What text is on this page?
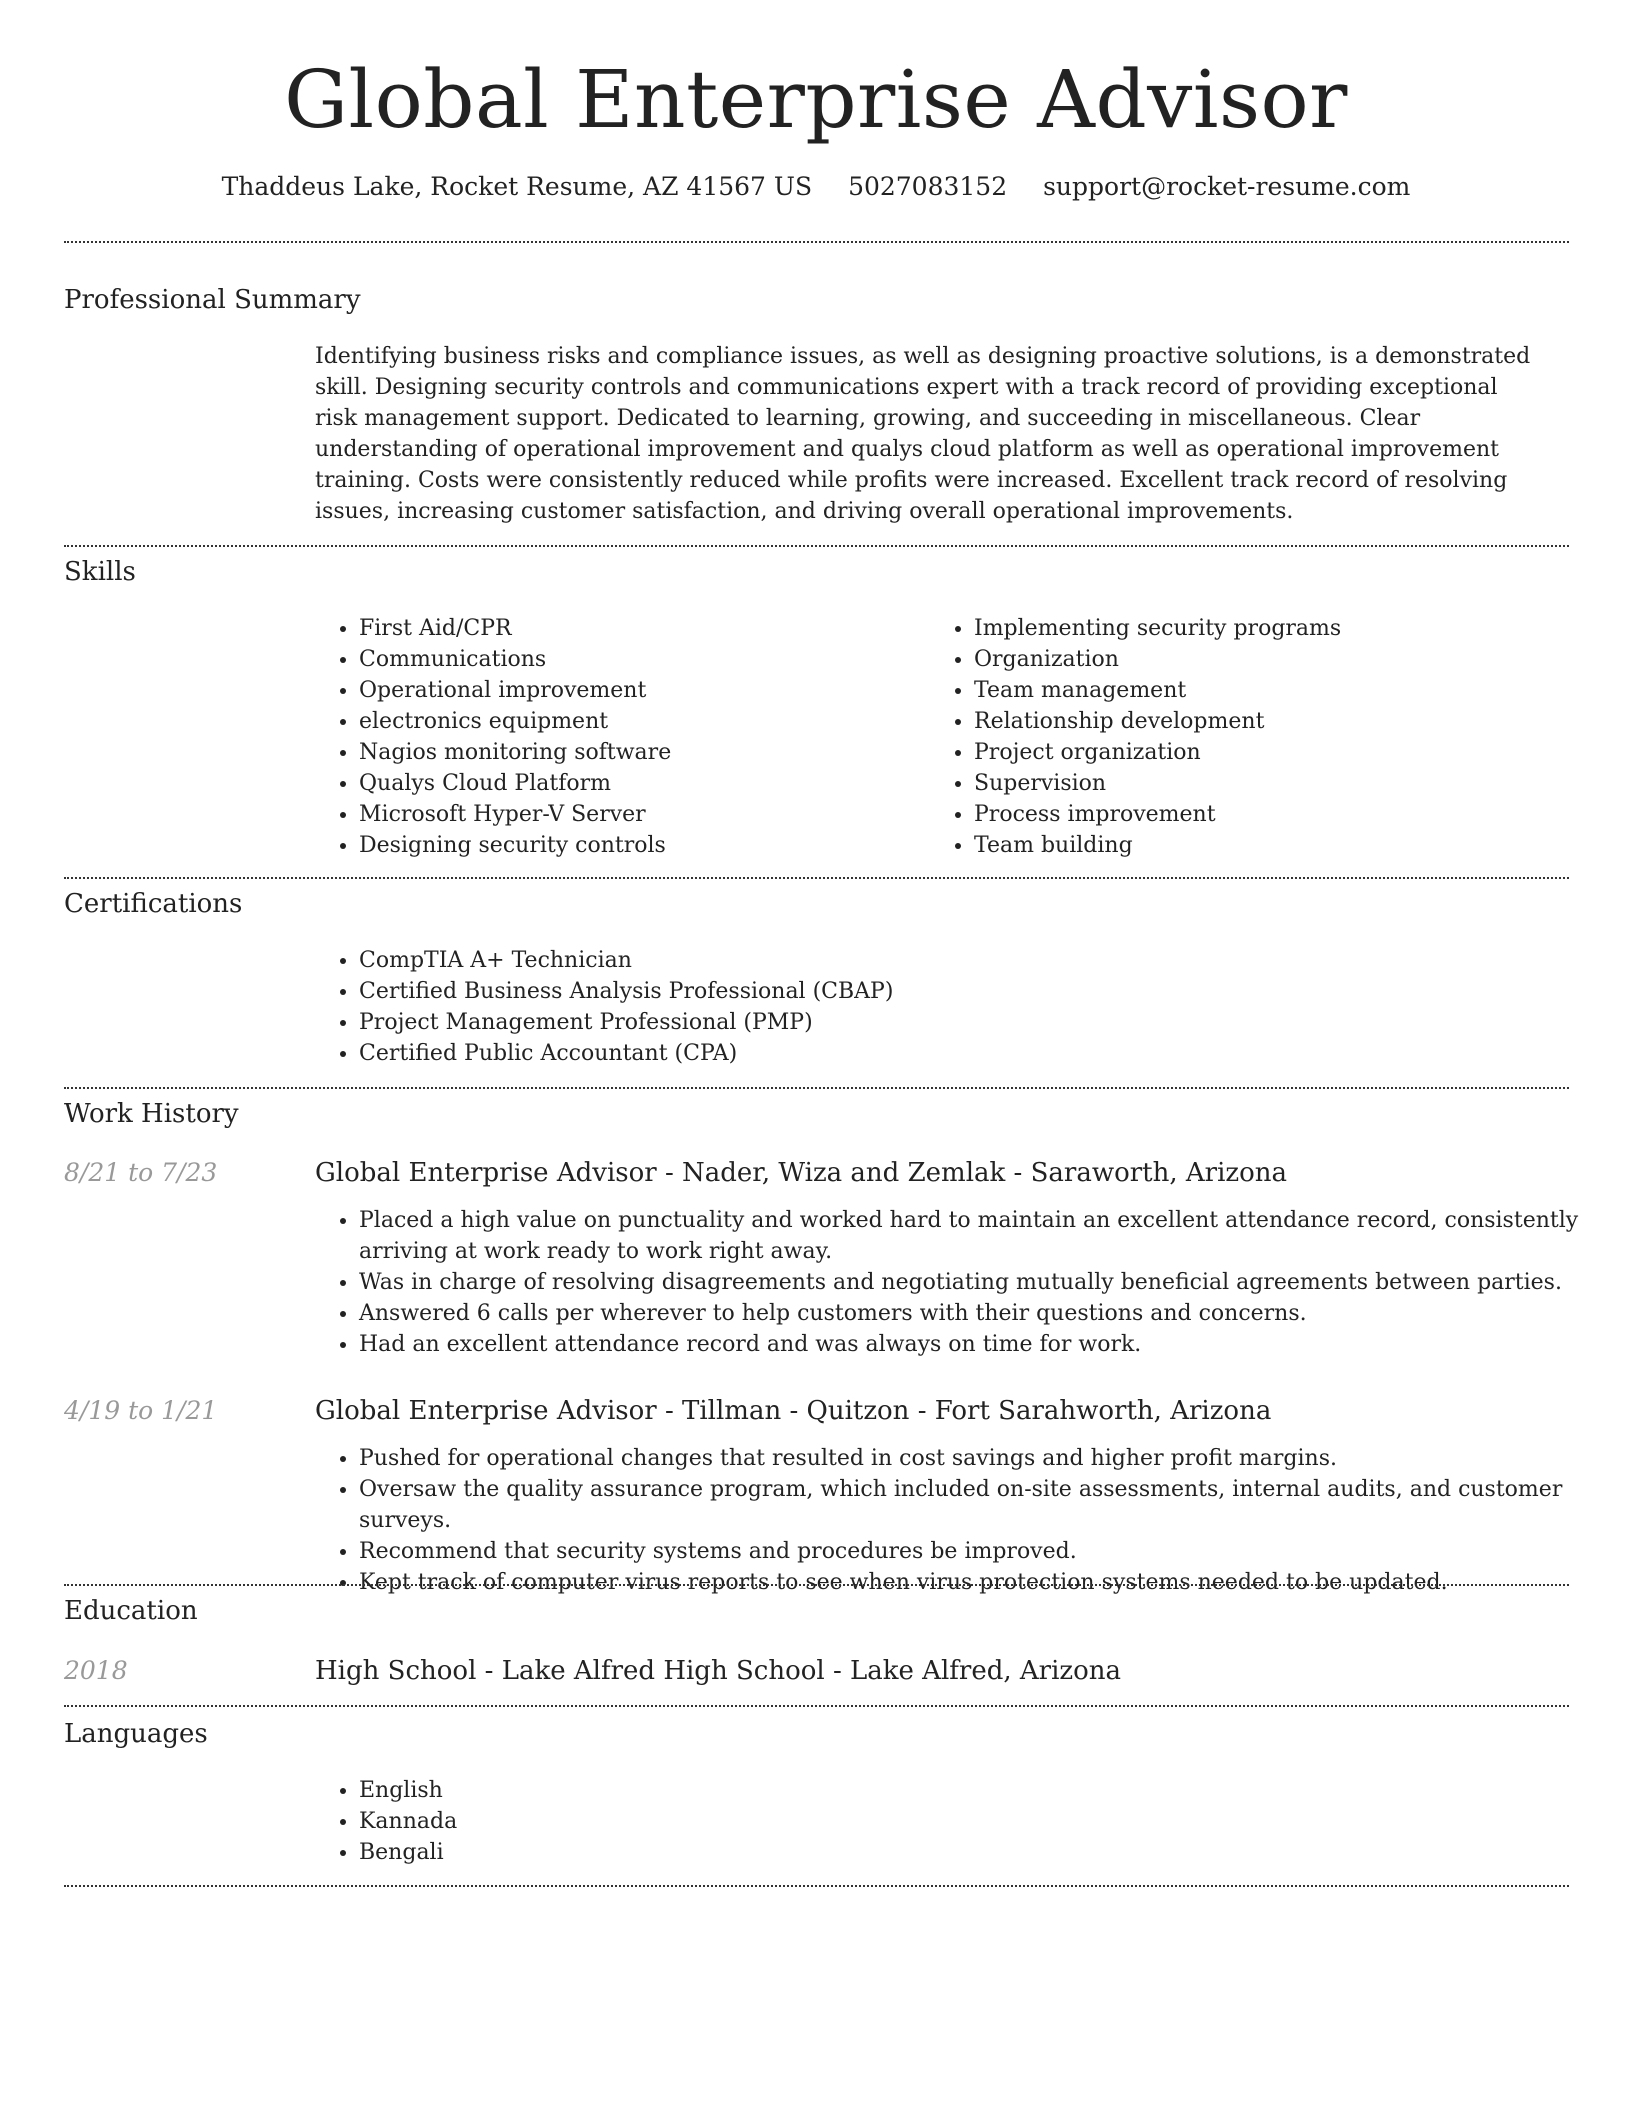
Global Enterprise Advisor
Thaddeus Lake, Rocket Resume, AZ 41567 US 5027083152 support@rocket-resume.com
Professional Summary

Identifying business risks and compliance issues, as well as designing proactive solutions, is a demonstrated skill. Designing security controls and communications expert with a track record of providing exceptional risk management support. Dedicated to learning, growing, and succeeding in miscellaneous. Clear understanding of operational improvement and qualys cloud platform as well as operational improvement training. Costs were consistently reduced while profits were increased. Excellent track record of resolving issues, increasing customer satisfaction, and driving overall operational improvements.

Skills
• First Aid/CPR
• Communications
• Operational improvement
• electronics equipment
• Nagios monitoring software
• Qualys Cloud Platform
• Microsoft Hyper-V Server
• Designing security controls
• Implementing security programs
• Organization
• Team management
• Relationship development
• Project organization
• Supervision
• Process improvement
• Team building
Certifications
• CompTIA A+ Technician
• Certified Business Analysis Professional (CBAP)
• Project Management Professional (PMP)
• Certified Public Accountant (CPA)
Work History
8/21 to 7/23	Global Enterprise Advisor - Nader, Wiza and Zemlak - Saraworth, Arizona
• Placed a high value on punctuality and worked hard to maintain an excellent attendance record, consistently arriving at work ready to work right away.
• Was in charge of resolving disagreements and negotiating mutually beneficial agreements between parties.
• Answered 6 calls per wherever to help customers with their questions and concerns.
• Had an excellent attendance record and was always on time for work.
4/19 to 1/21	Global Enterprise Advisor - Tillman - Quitzon - Fort Sarahworth, Arizona
• Pushed for operational changes that resulted in cost savings and higher profit margins.
• Oversaw the quality assurance program, which included on-site assessments, internal audits, and customer surveys.
• Recommend that security systems and procedures be improved.
• Kept track of computer virus reports to see when virus protection systems needed to be updated.
Education
2018	High School - Lake Alfred High School - Lake Alfred, Arizona
Languages
• English
• Kannada
• Bengali
